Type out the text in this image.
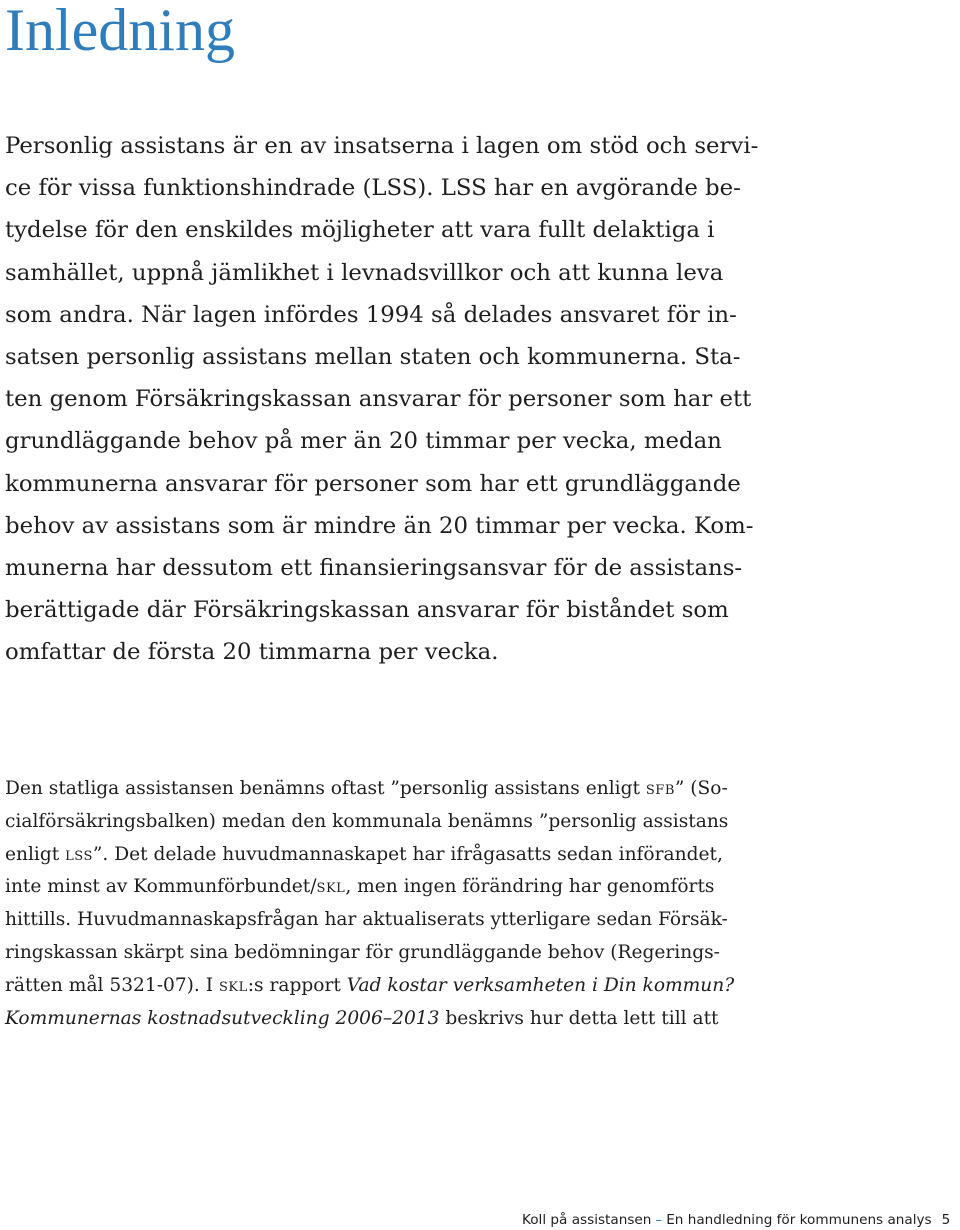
Inledning
Personlig assistans är en av insatserna i lagen om stöd och servi-
ce för vissa funktionshindrade (LSS). LSS har en avgörande be-
tydelse för den enskildes möjligheter att vara fullt delaktiga i
samhället, uppnå jämlikhet i levnadsvillkor och att kunna leva
som andra. När lagen infördes 1994 så delades ansvaret för in-
satsen personlig assistans mellan staten och kommunerna. Sta-
ten genom Försäkringskassan ansvarar för personer som har ett
grundläggande behov på mer än 20 timmar per vecka, medan
kommunerna ansvarar för personer som har ett grundläggande
behov av assistans som är mindre än 20 timmar per vecka. Kom-
munerna har dessutom ett finansieringsansvar för de assistans-
berättigade där Försäkringskassan ansvarar för biståndet som
omfattar de första 20 timmarna per vecka.
Den statliga assistansen benämns oftast ”personlig assistans enligt sfb” (So-
cialförsäkringsbalken) medan den kommunala benämns ”personlig assistans
enligt lss”. Det delade huvudmannaskapet har ifrågasatts sedan införandet,
inte minst av Kommunförbundet/skl, men ingen förändring har genomförts
hittills. Huvudmannaskapsfrågan har aktualiserats ytterligare sedan Försäk-
ringskassan skärpt sina bedömningar för grundläggande behov (Regerings-
rätten mål 5321-07). I skl:s rapport Vad kostar verksamheten i Din kommun?
Kommunernas kostnadsutveckling 2006–2013 beskrivs hur detta lett till att
Koll på assistansen – En handledning för kommunens analys 5
